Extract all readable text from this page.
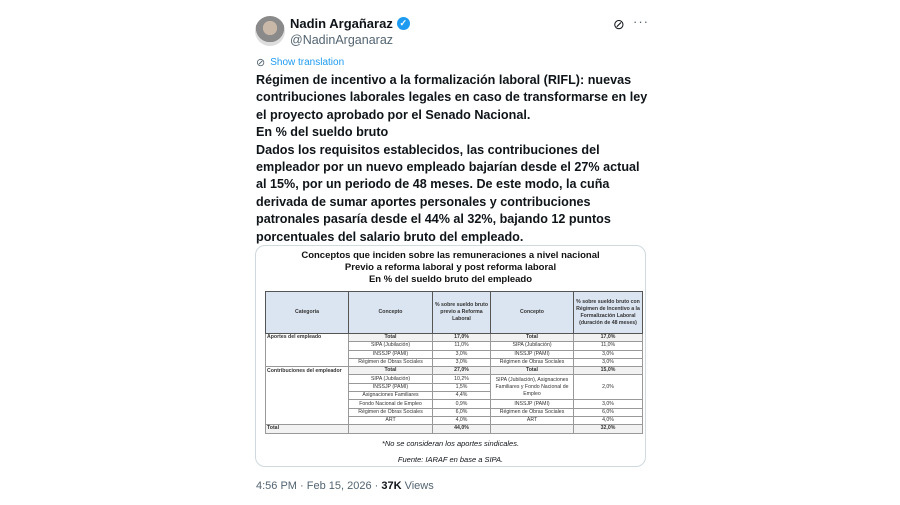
Nadin Argañaraz ✓
@NadinArganaraz
⊘ ···
⊘ Show translation
Régimen de incentivo a la formalización laboral (RIFL): nuevas contribuciones laborales legales en caso de transformarse en ley el proyecto aprobado por el Senado Nacional.
En % del sueldo bruto
Dados los requisitos establecidos, las contribuciones del empleador por un nuevo empleado bajarían desde el 27% actual al 15%, por un periodo de 48 meses. De este modo, la cuña derivada de sumar aportes personales y contribuciones patronales pasaría desde el 44% al 32%, bajando 12 puntos porcentuales del salario bruto del empleado.
Conceptos que inciden sobre las remuneraciones a nivel nacional
Previo a reforma laboral y post reforma laboral
En % del sueldo bruto del empleado
Categoria	Concepto	% sobre sueldo bruto previo a Reforma Laboral	Concepto	% sobre sueldo bruto con Régimen de Incentivo a la Formalización Laboral (duración de 48 meses)
Aportes del empleado	Total	17,0%	Total	17,0%
	SIPA (Jubilación)	11,0%	SIPA (Jubilación)	11,0%
	INSSJP (PAMI)	3,0%	INSSJP (PAMI)	3,0%
	Régimen de Obras Sociales	3,0%	Régimen de Obras Sociales	3,0%
Contribuciones del empleador	Total	27,0%	Total	15,0%
	SIPA (Jubilación)	10,2%	SIPA (Jubilación), Asignaciones Familiares y Fondo Nacional de Empleo	2,0%
	INSSJP (PAMI)	1,5%		
	Asignaciones Familiares	4,4%		
	Fondo Nacional de Empleo	0,9%	INSSJP (PAMI)	3,0%
	Régimen de Obras Sociales	6,0%	Régimen de Obras Sociales	6,0%
	ART	4,0%	ART	4,0%
Total		44,0%		32,0%
*No se consideran los aportes sindicales.
Fuente: IARAF en base a SIPA.
4:56 PM · Feb 15, 2026 · 37K Views
